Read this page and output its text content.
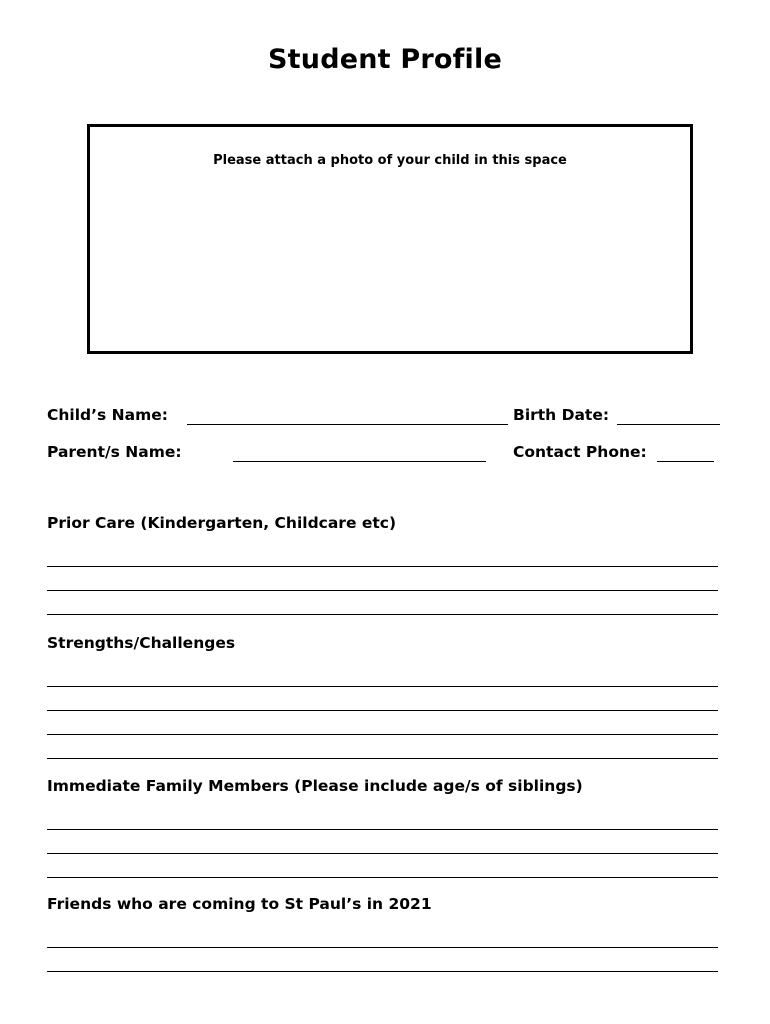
Student Profile
Please attach a photo of your child in this space
Child’s Name:	Birth Date:
Parent/s Name:	Contact Phone:
Prior Care (Kindergarten, Childcare etc)
Strengths/Challenges
Immediate Family Members (Please include age/s of siblings)
Friends who are coming to St Paul’s in 2021
